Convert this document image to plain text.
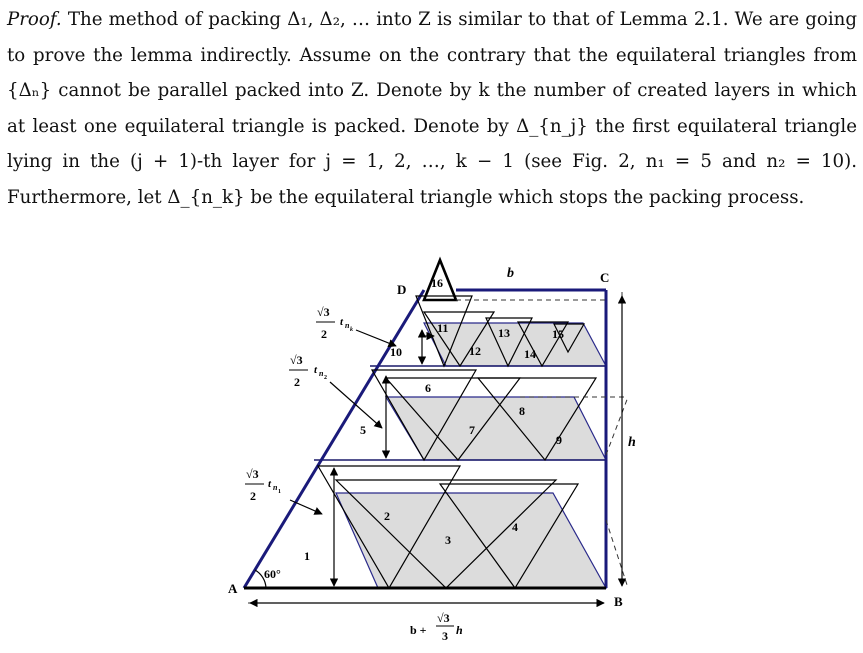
Proof. The method of packing Δ₁, Δ₂, … into Z is similar to that of Lemma 2.1. We are going to prove the lemma indirectly. Assume on the contrary that the equilateral triangles from {Δₙ} cannot be parallel packed into Z. Denote by k the number of created layers in which at least one equilateral triangle is packed. Denote by Δ_{n_j} the first equilateral triangle lying in the (j + 1)-th layer for j = 1, 2, …, k − 1 (see Fig. 2, n₁ = 5 and n₂ = 10). Furthermore, let Δ_{n_k} be the equilateral triangle which stops the packing process.

A
B
C
D
60°
b
h
b +
√3
3 h
√3
2
t n 1
√3
2
t n 2
√3
2
t n k
1
2
3
4
5
6
7
8
9
10
11
12
13
14
15
16
